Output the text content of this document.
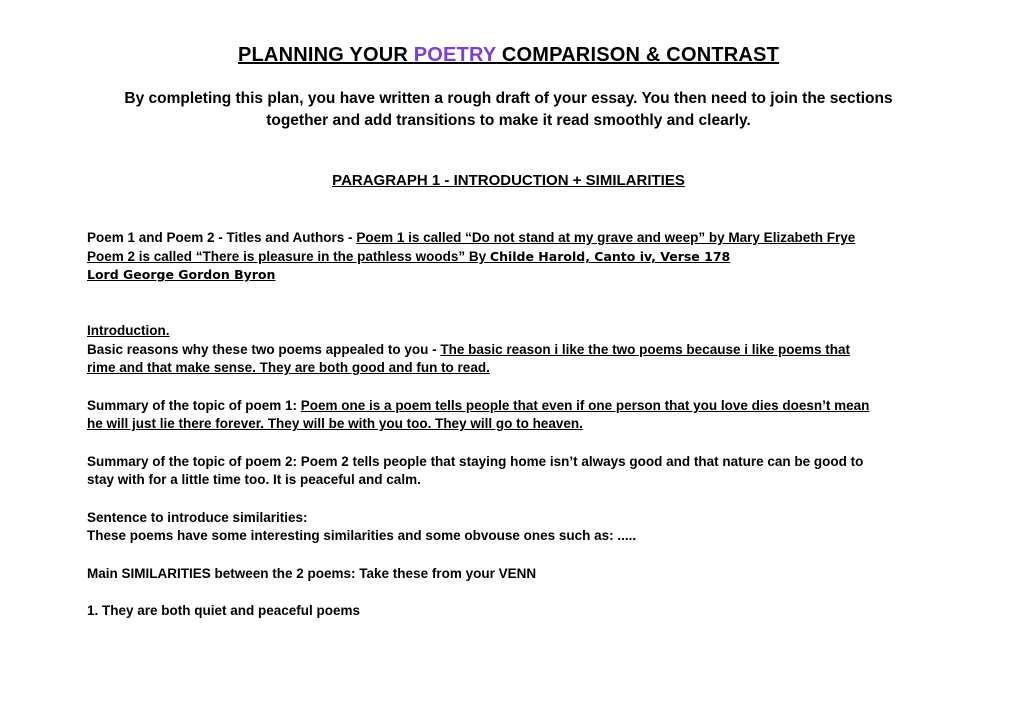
PLANNING YOUR POETRY COMPARISON & CONTRAST
By completing this plan, you have written a rough draft of your essay. You then need to join the sections
together and add transitions to make it read smoothly and clearly.
PARAGRAPH 1 - INTRODUCTION + SIMILARITIES
Poem 1 and Poem 2 - Titles and Authors - Poem 1 is called “Do not stand at my grave and weep” by Mary Elizabeth Frye
Poem 2 is called “There is pleasure in the pathless woods” By Childe Harold, Canto iv, Verse 178
Lord George Gordon Byron
Introduction.
Basic reasons why these two poems appealed to you - The basic reason i like the two poems because i like poems that
rime and that make sense. They are both good and fun to read.
Summary of the topic of poem 1: Poem one is a poem tells people that even if one person that you love dies doesn’t mean
he will just lie there forever. They will be with you too. They will go to heaven.
Summary of the topic of poem 2: Poem 2 tells people that staying home isn’t always good and that nature can be good to
stay with for a little time too. It is peaceful and calm.
Sentence to introduce similarities:
These poems have some interesting similarities and some obvouse ones such as: .....
Main SIMILARITIES between the 2 poems: Take these from your VENN
1. They are both quiet and peaceful poems
